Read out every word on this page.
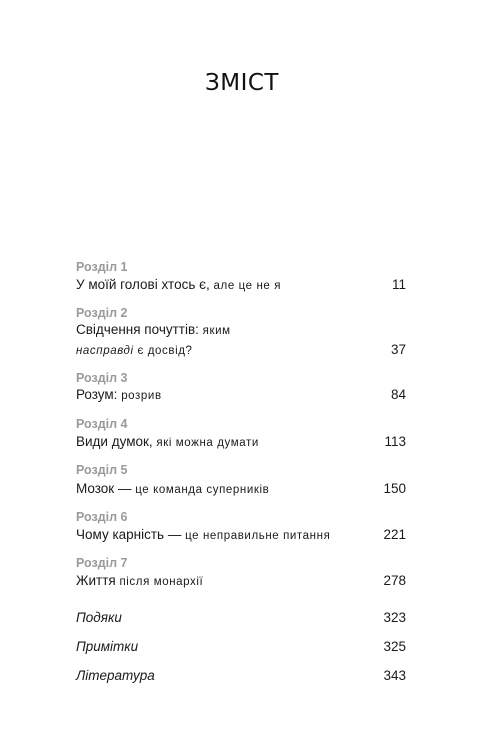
ЗМІСТ
Розділ 1
У моїй голові хтось є, але це не я	11
Розділ 2
Свідчення почуттів: яким
насправді є досвід?	37
Розділ 3
Розум: розрив	84
Розділ 4
Види думок, які можна думати	113
Розділ 5
Мозок — це команда суперників	150
Розділ 6
Чому карність — це неправильне питання	221
Розділ 7
Життя після монархії	278
Подяки	323
Примітки	325
Література	343
